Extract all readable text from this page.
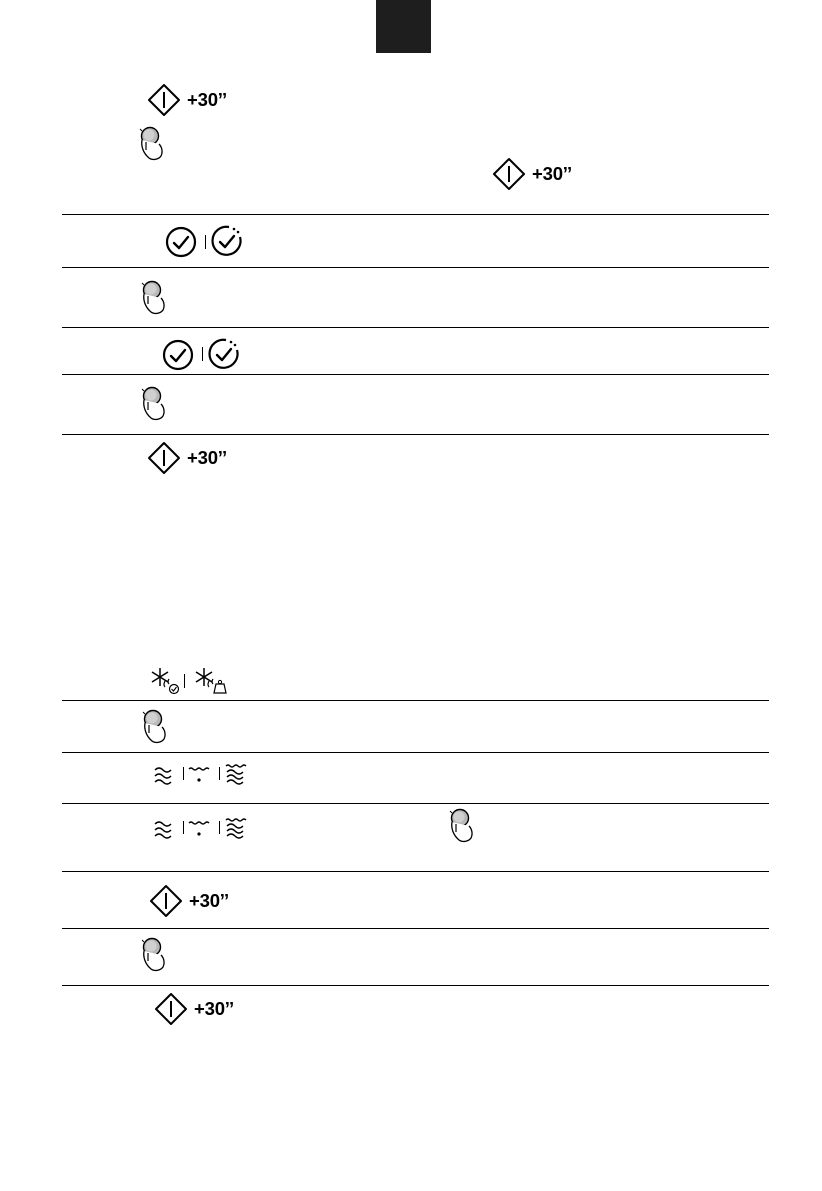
+30’’
+30’’
+30’’
+30’’
+30’’
